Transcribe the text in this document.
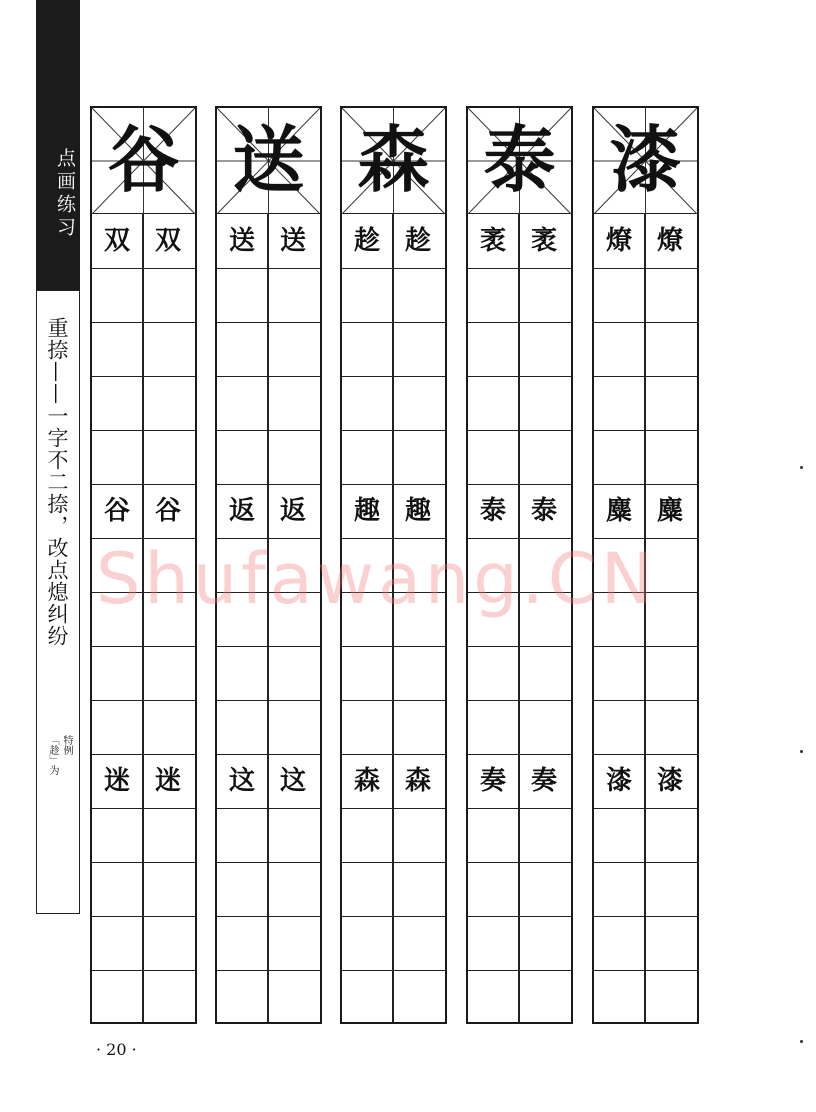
点画练习
重捺——一字不二捺，改点熄纠纷
特例
「趁」为
谷
双 双
谷 谷
迷 迷
送
送 送
返 返
这 这
森
趁 趁
趣 趣
森 森
泰
袤 袤
泰 泰
奏 奏
漆
燎 燎
麋 麋
漆 漆
Shufawang.CN
· 20 ·
